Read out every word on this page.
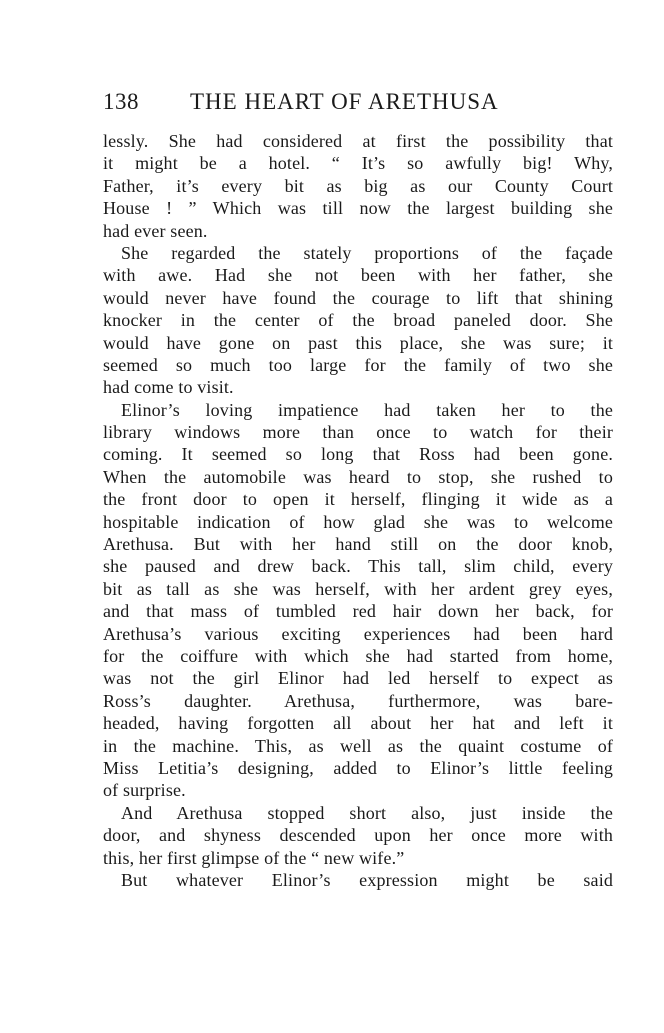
138 THE HEART OF ARETHUSA
lessly. She had considered at first the possibility that
it might be a hotel. “ It’s so awfully big! Why,
Father, it’s every bit as big as our County Court
House ! ” Which was till now the largest building she
had ever seen.
She regarded the stately proportions of the façade
with awe. Had she not been with her father, she
would never have found the courage to lift that shining
knocker in the center of the broad paneled door. She
would have gone on past this place, she was sure; it
seemed so much too large for the family of two she
had come to visit.
Elinor’s loving impatience had taken her to the
library windows more than once to watch for their
coming. It seemed so long that Ross had been gone.
When the automobile was heard to stop, she rushed to
the front door to open it herself, flinging it wide as a
hospitable indication of how glad she was to welcome
Arethusa. But with her hand still on the door knob,
she paused and drew back. This tall, slim child, every
bit as tall as she was herself, with her ardent grey eyes,
and that mass of tumbled red hair down her back, for
Arethusa’s various exciting experiences had been hard
for the coiffure with which she had started from home,
was not the girl Elinor had led herself to expect as
Ross’s daughter. Arethusa, furthermore, was bare-
headed, having forgotten all about her hat and left it
in the machine. This, as well as the quaint costume of
Miss Letitia’s designing, added to Elinor’s little feeling
of surprise.
And Arethusa stopped short also, just inside the
door, and shyness descended upon her once more with
this, her first glimpse of the “ new wife.”
But whatever Elinor’s expression might be said
